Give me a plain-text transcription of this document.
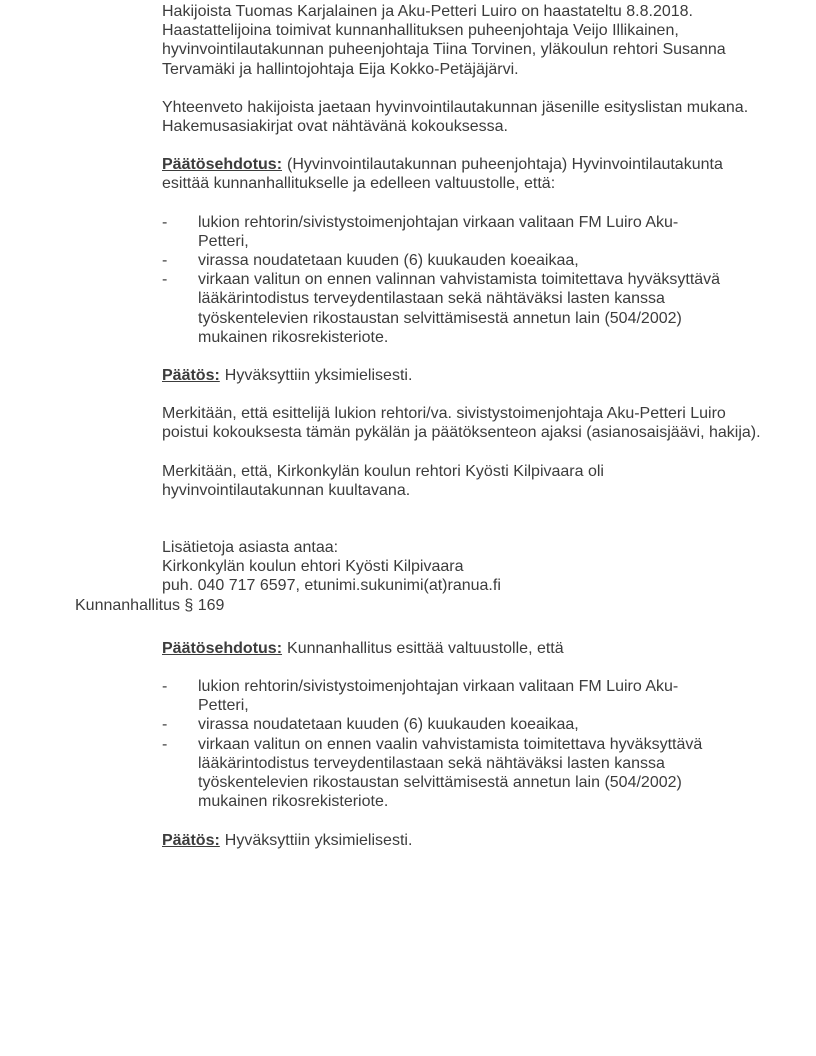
Hakijoista Tuomas Karjalainen ja Aku-Petteri Luiro on haastateltu 8.8.2018. Haastattelijoina toimivat kunnanhallituksen puheenjohtaja Veijo Illikainen, hyvinvointilautakunnan puheenjohtaja Tiina Torvinen, yläkoulun rehtori Susanna Tervamäki ja hallintojohtaja Eija Kokko-Petäjäjärvi.

Yhteenveto hakijoista jaetaan hyvinvointilautakunnan jäsenille esityslistan mukana. Hakemusasiakirjat ovat nähtävänä kokouksessa.

Päätösehdotus: (Hyvinvointilautakunnan puheenjohtaja) Hyvinvointilautakunta esittää kunnanhallitukselle ja edelleen valtuustolle, että:

-	lukion rehtorin/sivistystoimenjohtajan virkaan valitaan FM Luiro Aku-Petteri,
-	virassa noudatetaan kuuden (6) kuukauden koeaikaa,
-	virkaan valitun on ennen valinnan vahvistamista toimitettava hyväksyttävä lääkärintodistus terveydentilastaan sekä nähtäväksi lasten kanssa työskentelevien rikostaustan selvittämisestä annetun lain (504/2002) mukainen rikosrekisteriote.

Päätös: Hyväksyttiin yksimielisesti.

Merkitään, että esittelijä lukion rehtori/va. sivistystoimenjohtaja Aku-Petteri Luiro poistui kokouksesta tämän pykälän ja päätöksenteon ajaksi (asianosaisjäävi, hakija).

Merkitään, että, Kirkonkylän koulun rehtori Kyösti Kilpivaara oli hyvinvointilautakunnan kuultavana.

Lisätietoja asiasta antaa:
Kirkonkylän koulun ehtori Kyösti Kilpivaara
puh. 040 717 6597, etunimi.sukunimi(at)ranua.fi
Kunnanhallitus § 169

Päätösehdotus: Kunnanhallitus esittää valtuustolle, että

-	lukion rehtorin/sivistystoimenjohtajan virkaan valitaan FM Luiro Aku-Petteri,
-	virassa noudatetaan kuuden (6) kuukauden koeaikaa,
-	virkaan valitun on ennen vaalin vahvistamista toimitettava hyväksyttävä lääkärintodistus terveydentilastaan sekä nähtäväksi lasten kanssa työskentelevien rikostaustan selvittämisestä annetun lain (504/2002) mukainen rikosrekisteriote.

Päätös: Hyväksyttiin yksimielisesti.
